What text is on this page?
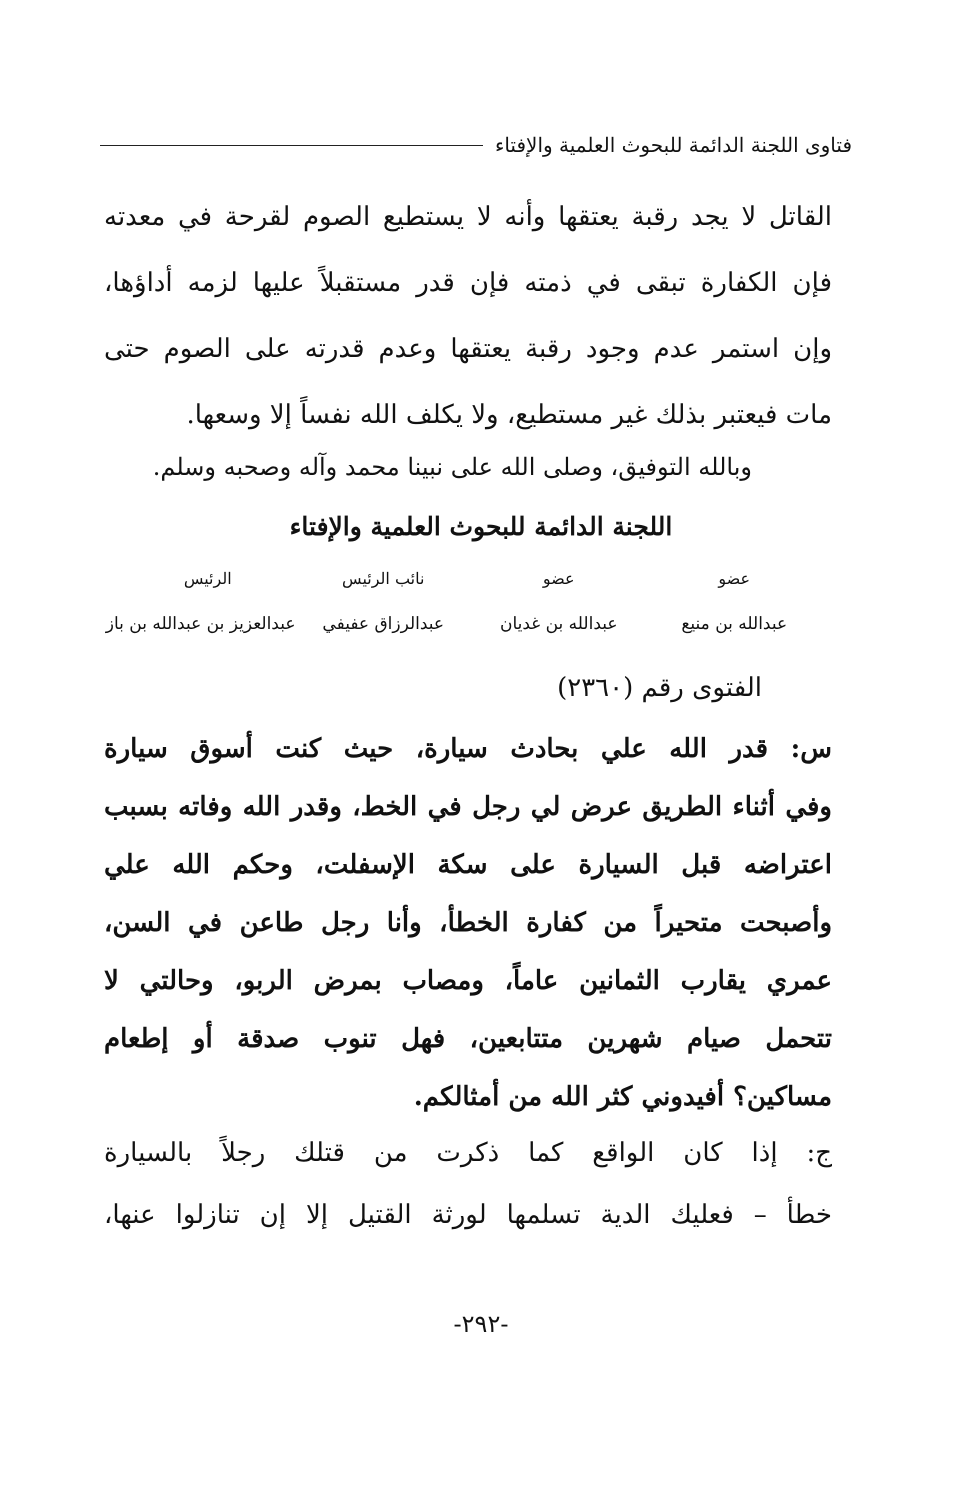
فتاوى اللجنة الدائمة للبحوث العلمية والإفتاء
القاتل لا يجد رقبة يعتقها وأنه لا يستطيع الصوم لقرحة في معدته
فإن الكفارة تبقى في ذمته فإن قدر مستقبلاً عليها لزمه أداؤها،
وإن استمر عدم وجود رقبة يعتقها وعدم قدرته على الصوم حتى
مات فيعتبر بذلك غير مستطيع، ولا يكلف الله نفساً إلا وسعها.
وبالله التوفيق، وصلى الله على نبينا محمد وآله وصحبه وسلم.
اللجنة الدائمة للبحوث العلمية والإفتاء
عضو
عضو
نائب الرئيس
الرئيس
عبدالله بن منيع
عبدالله بن غديان
عبدالرزاق عفيفي
عبدالعزيز بن عبدالله بن باز
الفتوى رقم (٢٣٦٠)
س: قدر الله علي بحادث سيارة، حيث كنت أسوق سيارة
وفي أثناء الطريق عرض لي رجل في الخط، وقدر الله وفاته بسبب
اعتراضه قبل السيارة على سكة الإسفلت، وحكم الله علي
وأصبحت متحيراً من كفارة الخطأ، وأنا رجل طاعن في السن،
عمري يقارب الثمانين عاماً، ومصاب بمرض الربو، وحالتي لا
تتحمل صيام شهرين متتابعين، فهل تنوب صدقة أو إطعام
مساكين؟ أفيدوني كثر الله من أمثالكم.
ج: إذا كان الواقع كما ذكرت من قتلك رجلاً بالسيارة
خطأ – فعليك الدية تسلمها لورثة القتيل إلا إن تنازلوا عنها،
-٢٩٢-
